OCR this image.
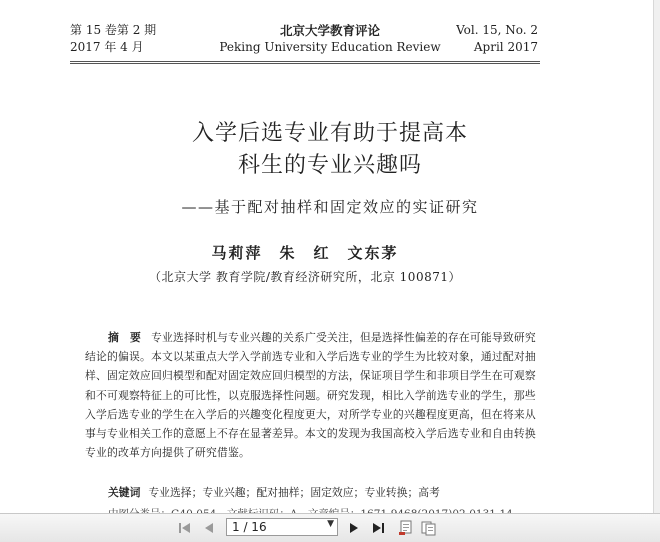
第 15 卷第 2 期
2017 年 4 月
北京大学教育评论
Peking University Education Review
Vol. 15, No. 2
April 2017
入学后选专业有助于提高本
科生的专业兴趣吗
——基于配对抽样和固定效应的实证研究
马莉萍　朱　红　文东茅
（北京大学 教育学院/教育经济研究所，北京 100871）
摘　要 专业选择时机与专业兴趣的关系广受关注，但是选择性偏差的存在可能导致研究结论的偏误。本文以某重点大学入学前选专业和入学后选专业的学生为比较对象，通过配对抽样、固定效应回归模型和配对固定效应回归模型的方法，保证项目学生和非项目学生在可观察和不可观察特征上的可比性，以克服选择性问题。研究发现，相比入学前选专业的学生，那些入学后选专业的学生在入学后的兴趣变化程度更大，对所学专业的兴趣程度更高，但在将来从事与专业相关工作的意愿上不存在显著差异。本文的发现为我国高校入学后选专业和自由转换专业的改革方向提供了研究借鉴。
关键词 专业选择；专业兴趣；配对抽样；固定效应；专业转换；高考
1 / 16	▼
